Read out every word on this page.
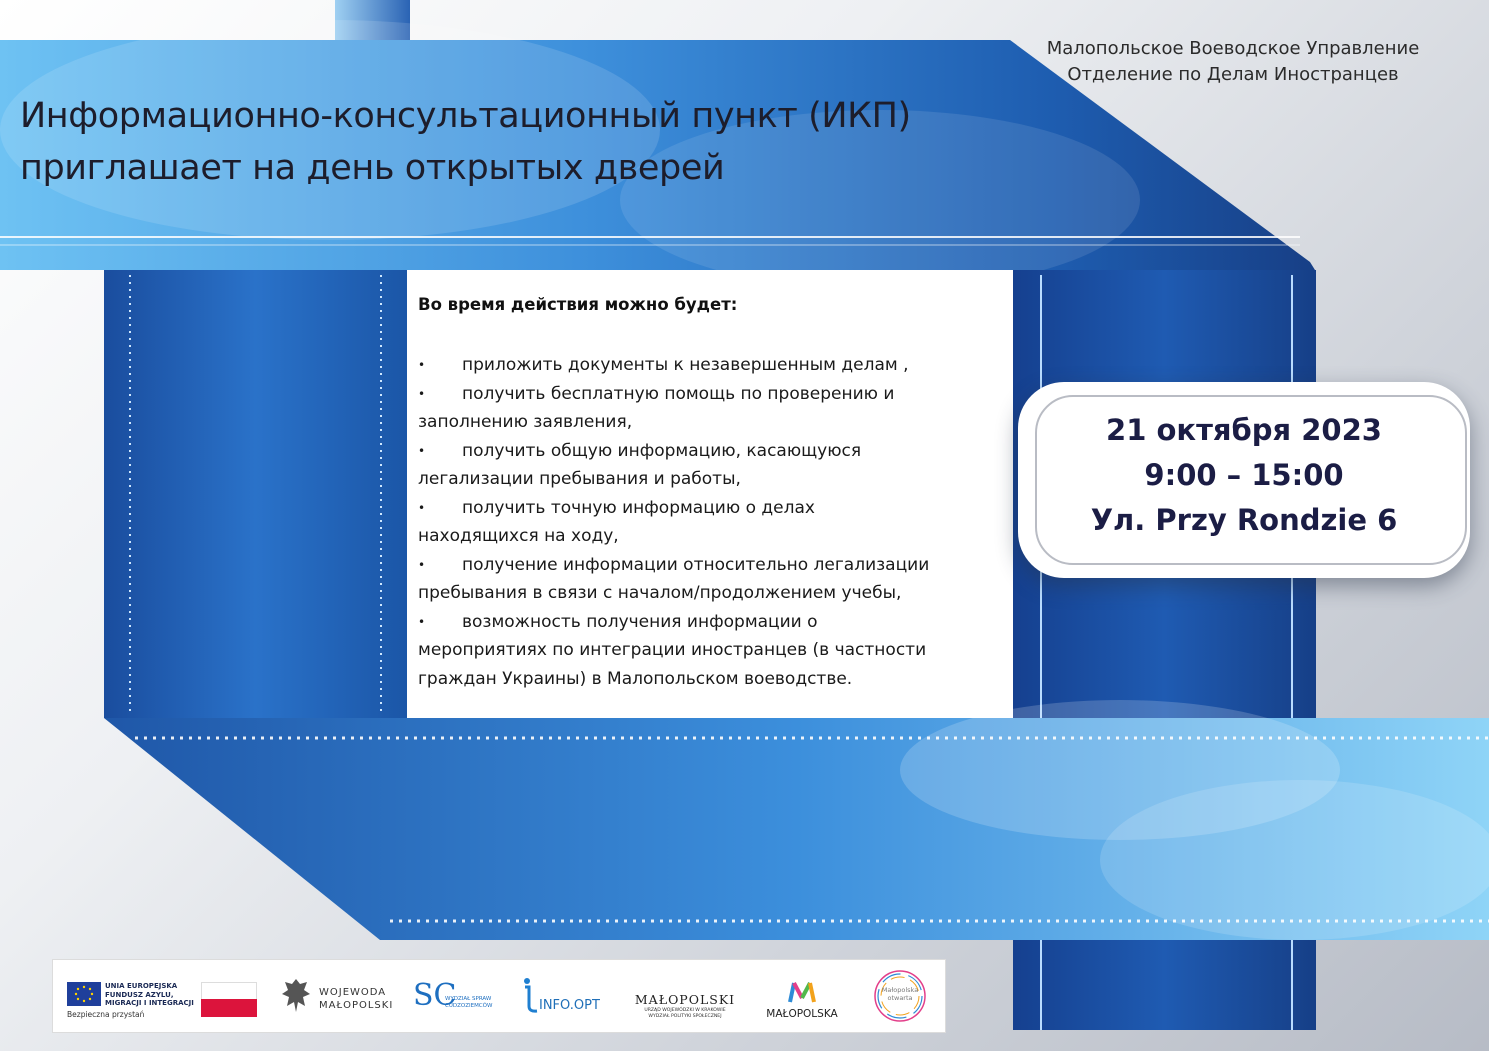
Малопольское Воеводское Управление
Отделение по Делам Иностранцев
Информационно-консультационный пункт (ИКП)
приглашает на день открытых дверей
Во время действия можно будет:
• приложить документы к незавершенным делам ,
• получить бесплатную помощь по проверению и
заполнению заявления,
• получить общую информацию, касающуюся
легализации пребывания и работы,
• получить точную информацию о делах
находящихся на ходу,
• получение информации относительно легализации
пребывания в связи с началом/продолжением учебы,
• возможность получения информации о
мероприятиях по интеграции иностранцев (в частности
граждан Украины) в Малопольском воеводстве.
21 октября 2023
9:00 – 15:00
Ул. Przy Rondzie 6
UNIA EUROPEJSKA
FUNDUSZ AZYLU,
MIGRACJI I INTEGRACJI
Bezpieczna przystań
WOJEWODA
MAŁOPOLSKI SC
WYDZIAŁ SPRAW
CUDZOZIEMCÓW	INFO.OPT	MAŁOPOLSKI
URZĄD WOJEWÓDZKI W KRAKOWIE
WYDZIAŁ POLITYKI SPOŁECZNEJ	MAŁOPOLSKA
Małopolska
otwarta
